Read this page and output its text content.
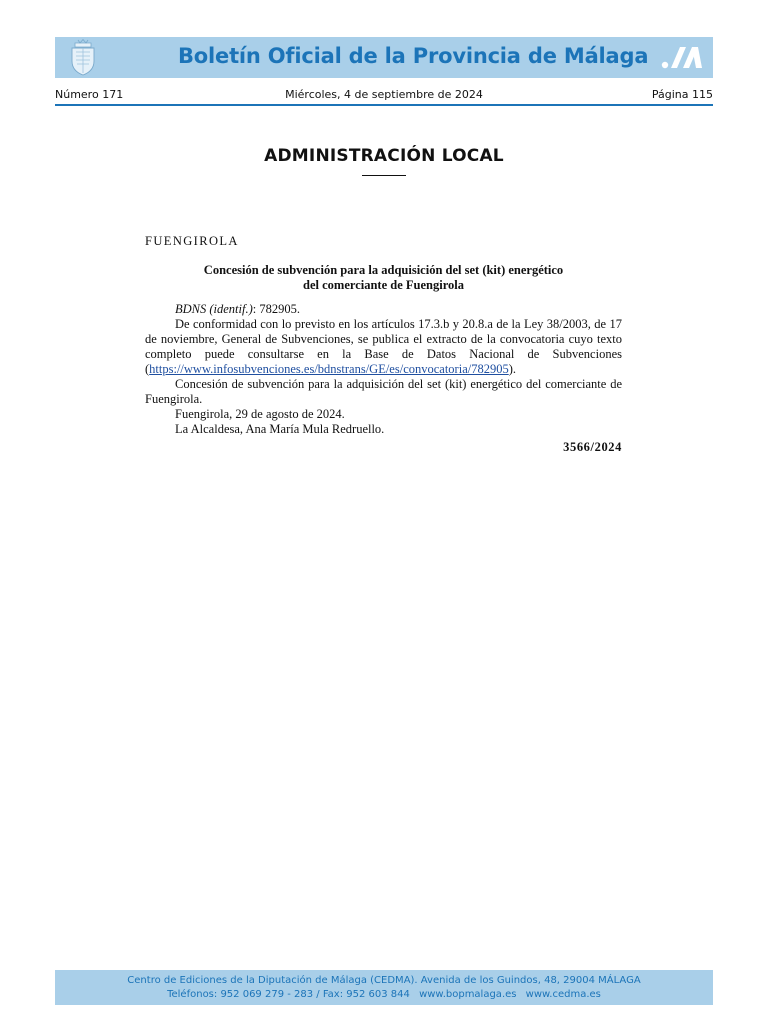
Boletín Oficial de la Provincia de Málaga
Número 171	Miércoles, 4 de septiembre de 2024	Página 115
ADMINISTRACIÓN LOCAL
FUENGIROLA
Concesión de subvención para la adquisición del set (kit) energético
del comerciante de Fuengirola

BDNS (identif.): 782905.

De conformidad con lo previsto en los artículos 17.3.b y 20.8.a de la Ley 38/2003, de 17 de noviembre, General de Subvenciones, se publica el extracto de la convocatoria cuyo texto completo puede consultarse en la Base de Datos Nacional de Subvenciones (https://www.infosubvenciones.es/bdnstrans/GE/es/convocatoria/782905).

Concesión de subvención para la adquisición del set (kit) energético del comerciante de Fuengirola.

Fuengirola, 29 de agosto de 2024.

La Alcaldesa, Ana María Mula Redruello.

3566/2024
Centro de Ediciones de la Diputación de Málaga (CEDMA). Avenida de los Guindos, 48, 29004 MÁLAGA
Teléfonos: 952 069 279 - 283 / Fax: 952 603 844 www.bopmalaga.es www.cedma.es
